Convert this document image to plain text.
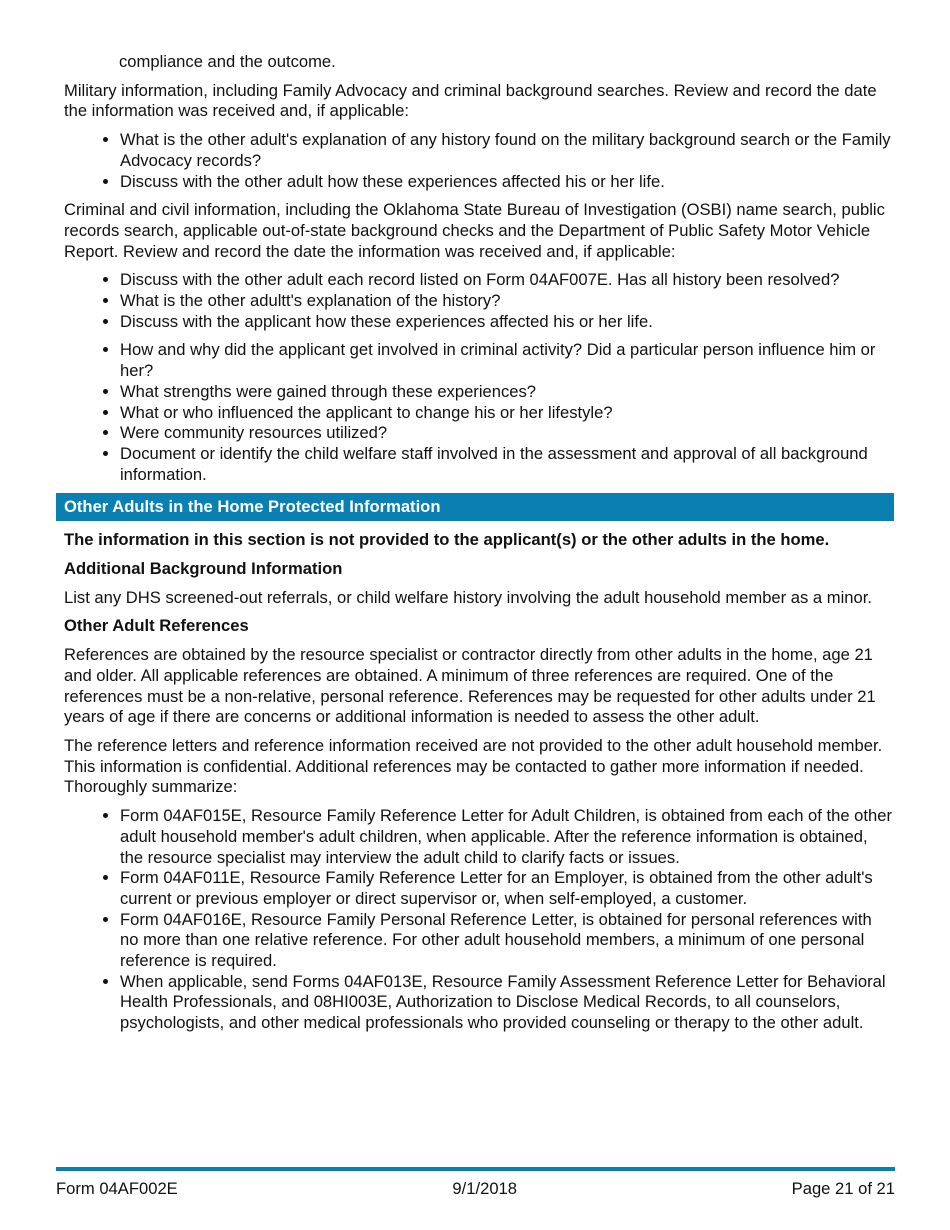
compliance and the outcome.

Military information, including Family Advocacy and criminal background searches. Review and record the date the information was received and, if applicable:

• What is the other adult's explanation of any history found on the military background search or the Family Advocacy records?
• Discuss with the other adult how these experiences affected his or her life.

Criminal and civil information, including the Oklahoma State Bureau of Investigation (OSBI) name search, public records search, applicable out-of-state background checks and the Department of Public Safety Motor Vehicle Report. Review and record the date the information was received and, if applicable:

• Discuss with the other adult each record listed on Form 04AF007E. Has all history been resolved?
• What is the other adultt's explanation of the history?
• Discuss with the applicant how these experiences affected his or her life.
• How and why did the applicant get involved in criminal activity? Did a particular person influence him or her?
• What strengths were gained through these experiences?
• What or who influenced the applicant to change his or her lifestyle?
• Were community resources utilized?
• Document or identify the child welfare staff involved in the assessment and approval of all background information.
Other Adults in the Home Protected Information

The information in this section is not provided to the applicant(s) or the other adults in the home.

Additional Background Information

List any DHS screened-out referrals, or child welfare history involving the adult household member as a minor.

Other Adult References

References are obtained by the resource specialist or contractor directly from other adults in the home, age 21 and older. All applicable references are obtained. A minimum of three references are required. One of the references must be a non-relative, personal reference. References may be requested for other adults under 21 years of age if there are concerns or additional information is needed to assess the other adult.

The reference letters and reference information received are not provided to the other adult household member. This information is confidential. Additional references may be contacted to gather more information if needed. Thoroughly summarize:

• Form 04AF015E, Resource Family Reference Letter for Adult Children, is obtained from each of the other adult household member's adult children, when applicable. After the reference information is obtained, the resource specialist may interview the adult child to clarify facts or issues.
• Form 04AF011E, Resource Family Reference Letter for an Employer, is obtained from the other adult's current or previous employer or direct supervisor or, when self-employed, a customer.
• Form 04AF016E, Resource Family Personal Reference Letter, is obtained for personal references with no more than one relative reference. For other adult household members, a minimum of one personal reference is required.
• When applicable, send Forms 04AF013E, Resource Family Assessment Reference Letter for Behavioral Health Professionals, and 08HI003E, Authorization to Disclose Medical Records, to all counselors, psychologists, and other medical professionals who provided counseling or therapy to the other adult.
Form 04AF002E	9/1/2018	Page 21 of 21
